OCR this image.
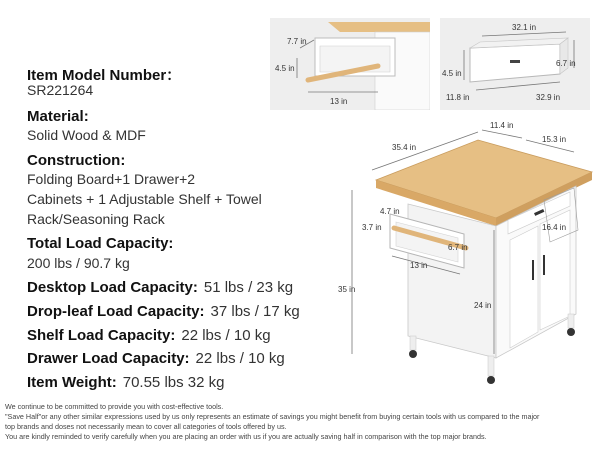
Item Model Number：
SR221264
Material:
Solid Wood & MDF
Construction:
Folding Board+1 Drawer+2
Cabinets + 1 Adjustable Shelf + Towel
Rack/Seasoning Rack
Total Load Capacity:
200 lbs / 90.7 kg
Desktop Load Capacity: 51 lbs / 23 kg
Drop-leaf Load Capacity: 37 lbs / 17 kg
Shelf Load Capacity: 22 lbs / 10 kg
Drawer Load Capacity: 22 lbs / 10 kg
Item Weight: 70.55 lbs 32 kg
7.7 in
4.5 in
13 in
32.1 in
6.7 in
4.5 in
11.8 in	32.9 in
35.4 in
11.4 in
15.3 in
16.4 in
4.7 in
3.7 in
6.7 in
13 in
35 in
24 in
We continue to be committed to provide you with cost-effective tools.
"Save Half"or any other similar expressions used by us only represents an estimate of savings you might benefit from buying certain tools with us compared to the major
top brands and doses not necessarily mean to cover all categories of tools offered by us.
You are kindly reminded to verify carefully when you are placing an order with us if you are actually saving half in comparison with the top major brands.
